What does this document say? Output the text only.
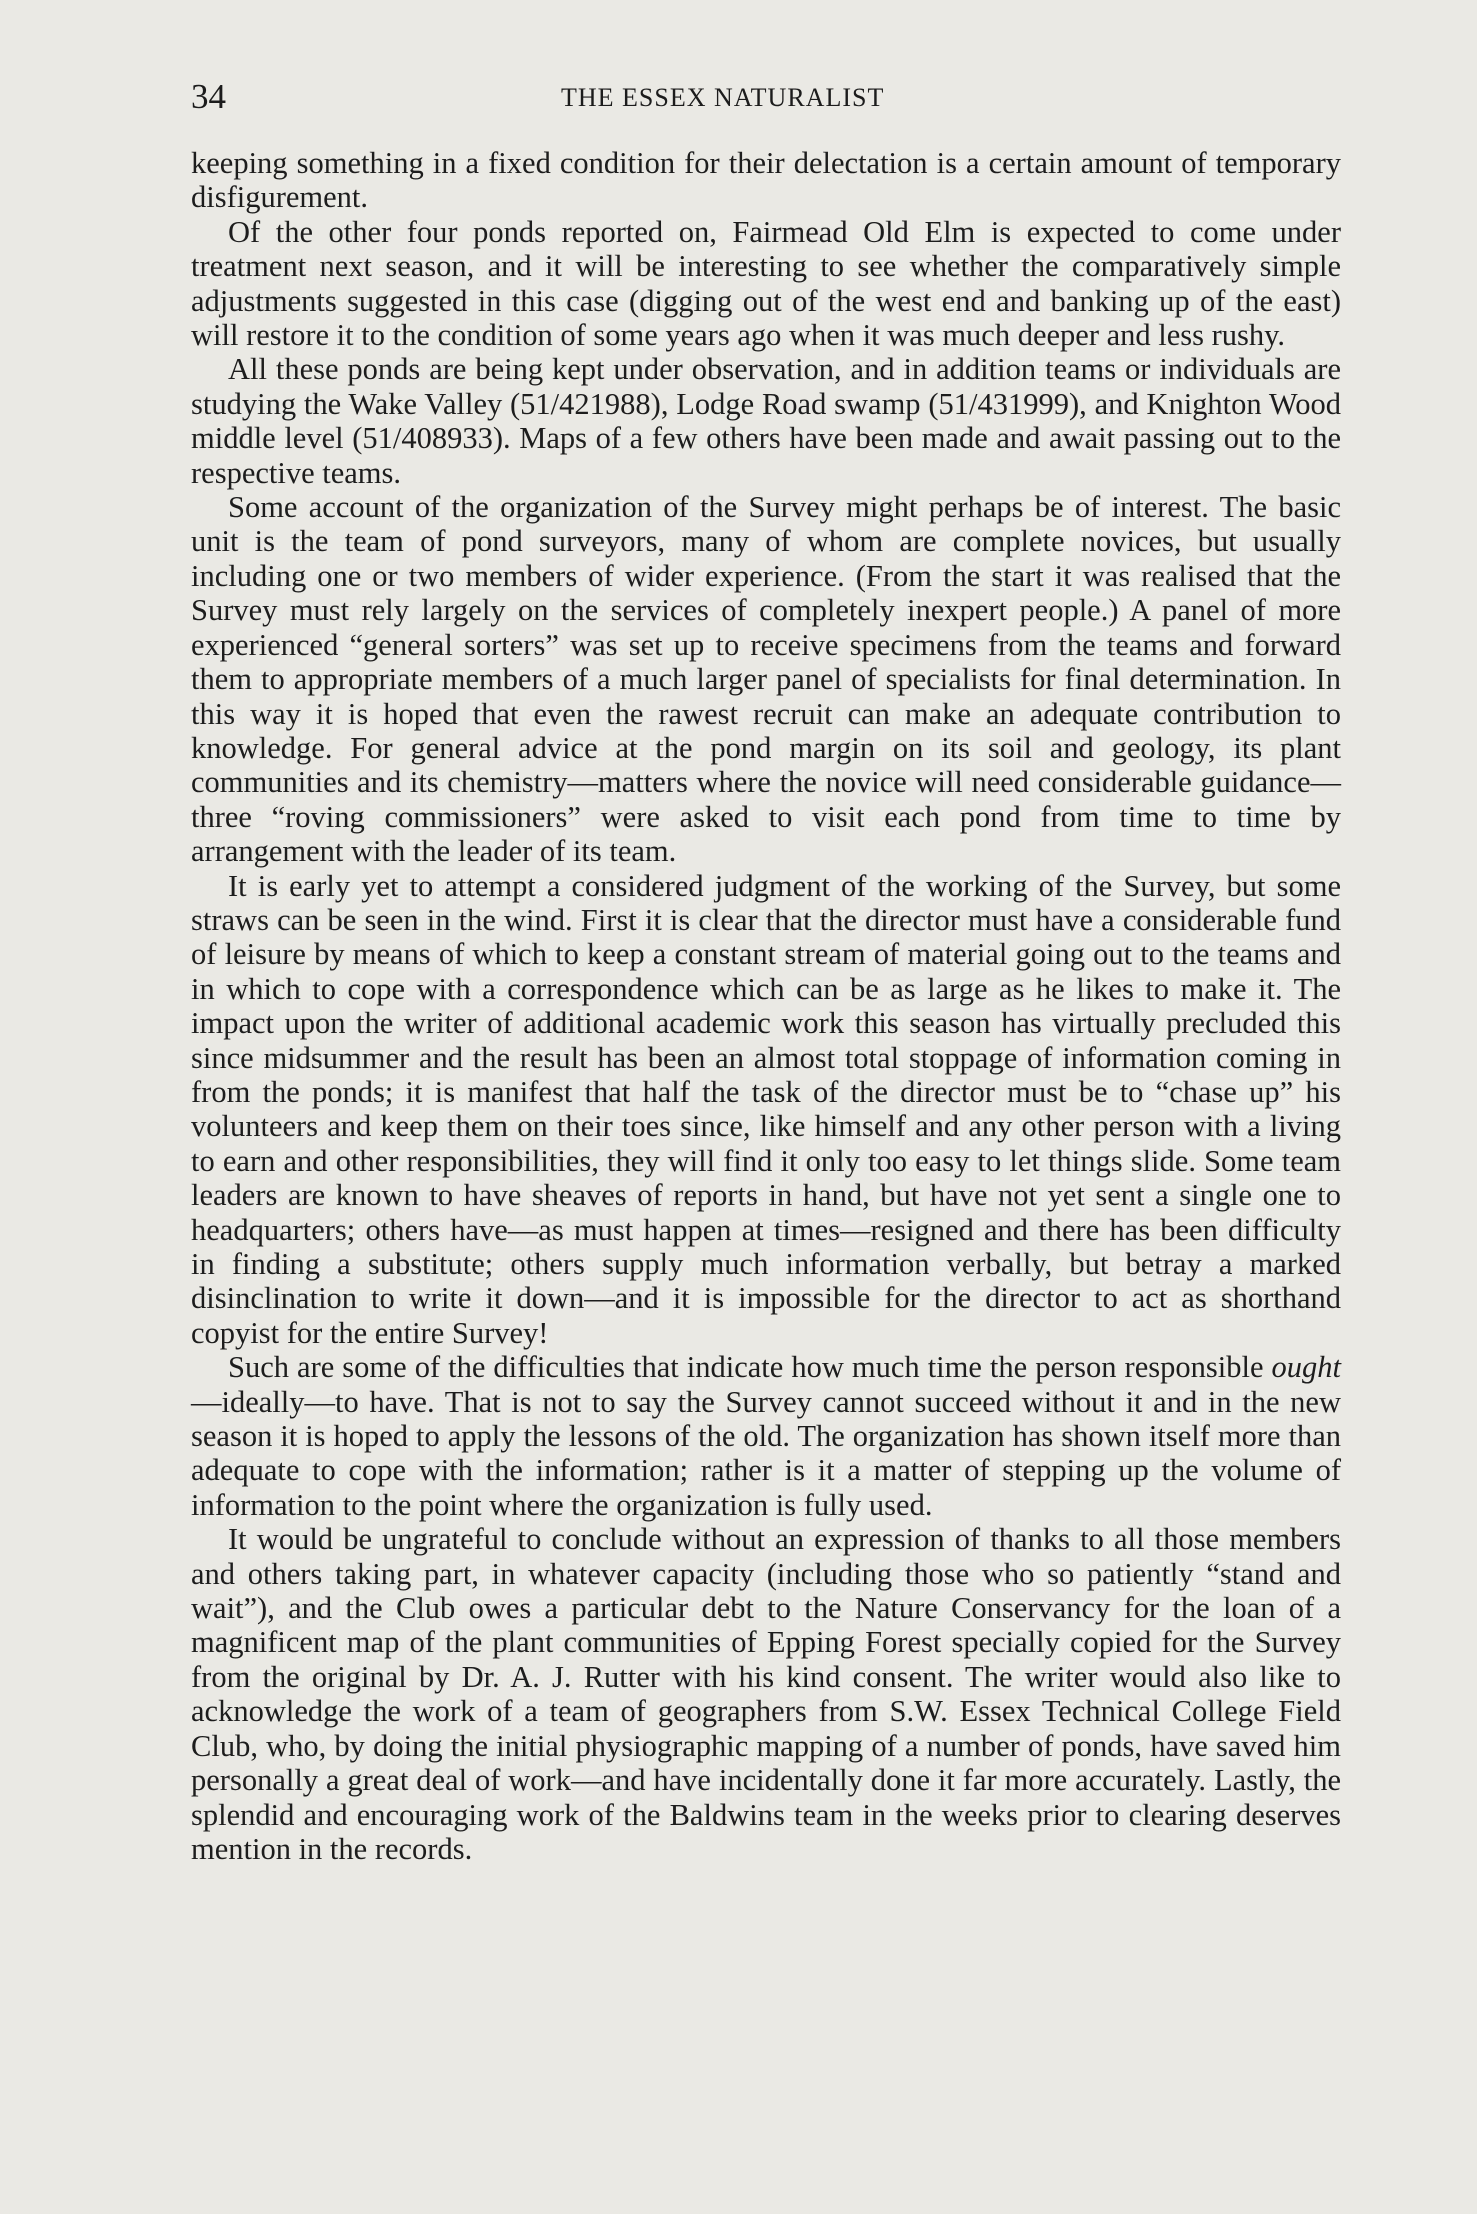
34	THE ESSEX NATURALIST

keeping something in a fixed condition for their delectation is a certain amount of temporary disfigurement.

Of the other four ponds reported on, Fairmead Old Elm is expected to come under treatment next season, and it will be interesting to see whether the comparatively simple adjustments suggested in this case (digging out of the west end and banking up of the east) will restore it to the condition of some years ago when it was much deeper and less rushy.

All these ponds are being kept under observation, and in addition teams or individuals are studying the Wake Valley (51/421988), Lodge Road swamp (51/431999), and Knighton Wood middle level (51/408933). Maps of a few others have been made and await passing out to the respective teams.

Some account of the organization of the Survey might perhaps be of interest. The basic unit is the team of pond surveyors, many of whom are complete novices, but usually including one or two members of wider experience. (From the start it was realised that the Survey must rely largely on the services of completely inexpert people.) A panel of more experienced “general sorters” was set up to receive specimens from the teams and forward them to appropriate members of a much larger panel of specialists for final determination. In this way it is hoped that even the rawest recruit can make an adequate contribution to knowledge. For general advice at the pond margin on its soil and geology, its plant communities and its chemistry—matters where the novice will need considerable guidance—three “roving commissioners” were asked to visit each pond from time to time by arrangement with the leader of its team.

It is early yet to attempt a considered judgment of the working of the Survey, but some straws can be seen in the wind. First it is clear that the director must have a considerable fund of leisure by means of which to keep a constant stream of material going out to the teams and in which to cope with a correspondence which can be as large as he likes to make it. The impact upon the writer of additional academic work this season has virtually precluded this since midsummer and the result has been an almost total stoppage of information coming in from the ponds; it is manifest that half the task of the director must be to “chase up” his volunteers and keep them on their toes since, like himself and any other person with a living to earn and other responsibilities, they will find it only too easy to let things slide. Some team leaders are known to have sheaves of reports in hand, but have not yet sent a single one to headquarters; others have—as must happen at times—resigned and there has been difficulty in finding a substitute; others supply much information verbally, but betray a marked disinclination to write it down—and it is impossible for the director to act as shorthand copyist for the entire Survey!

Such are some of the difficulties that indicate how much time the person responsible ought—ideally—to have. That is not to say the Survey cannot succeed without it and in the new season it is hoped to apply the lessons of the old. The organization has shown itself more than adequate to cope with the information; rather is it a matter of stepping up the volume of information to the point where the organization is fully used.

It would be ungrateful to conclude without an expression of thanks to all those members and others taking part, in whatever capacity (including those who so patiently “stand and wait”), and the Club owes a particular debt to the Nature Conservancy for the loan of a magnificent map of the plant communities of Epping Forest specially copied for the Survey from the original by Dr. A. J. Rutter with his kind consent. The writer would also like to acknowledge the work of a team of geographers from S.W. Essex Technical College Field Club, who, by doing the initial physiographic mapping of a number of ponds, have saved him personally a great deal of work—and have incidentally done it far more accurately. Lastly, the splendid and encouraging work of the Baldwins team in the weeks prior to clearing deserves mention in the records.
